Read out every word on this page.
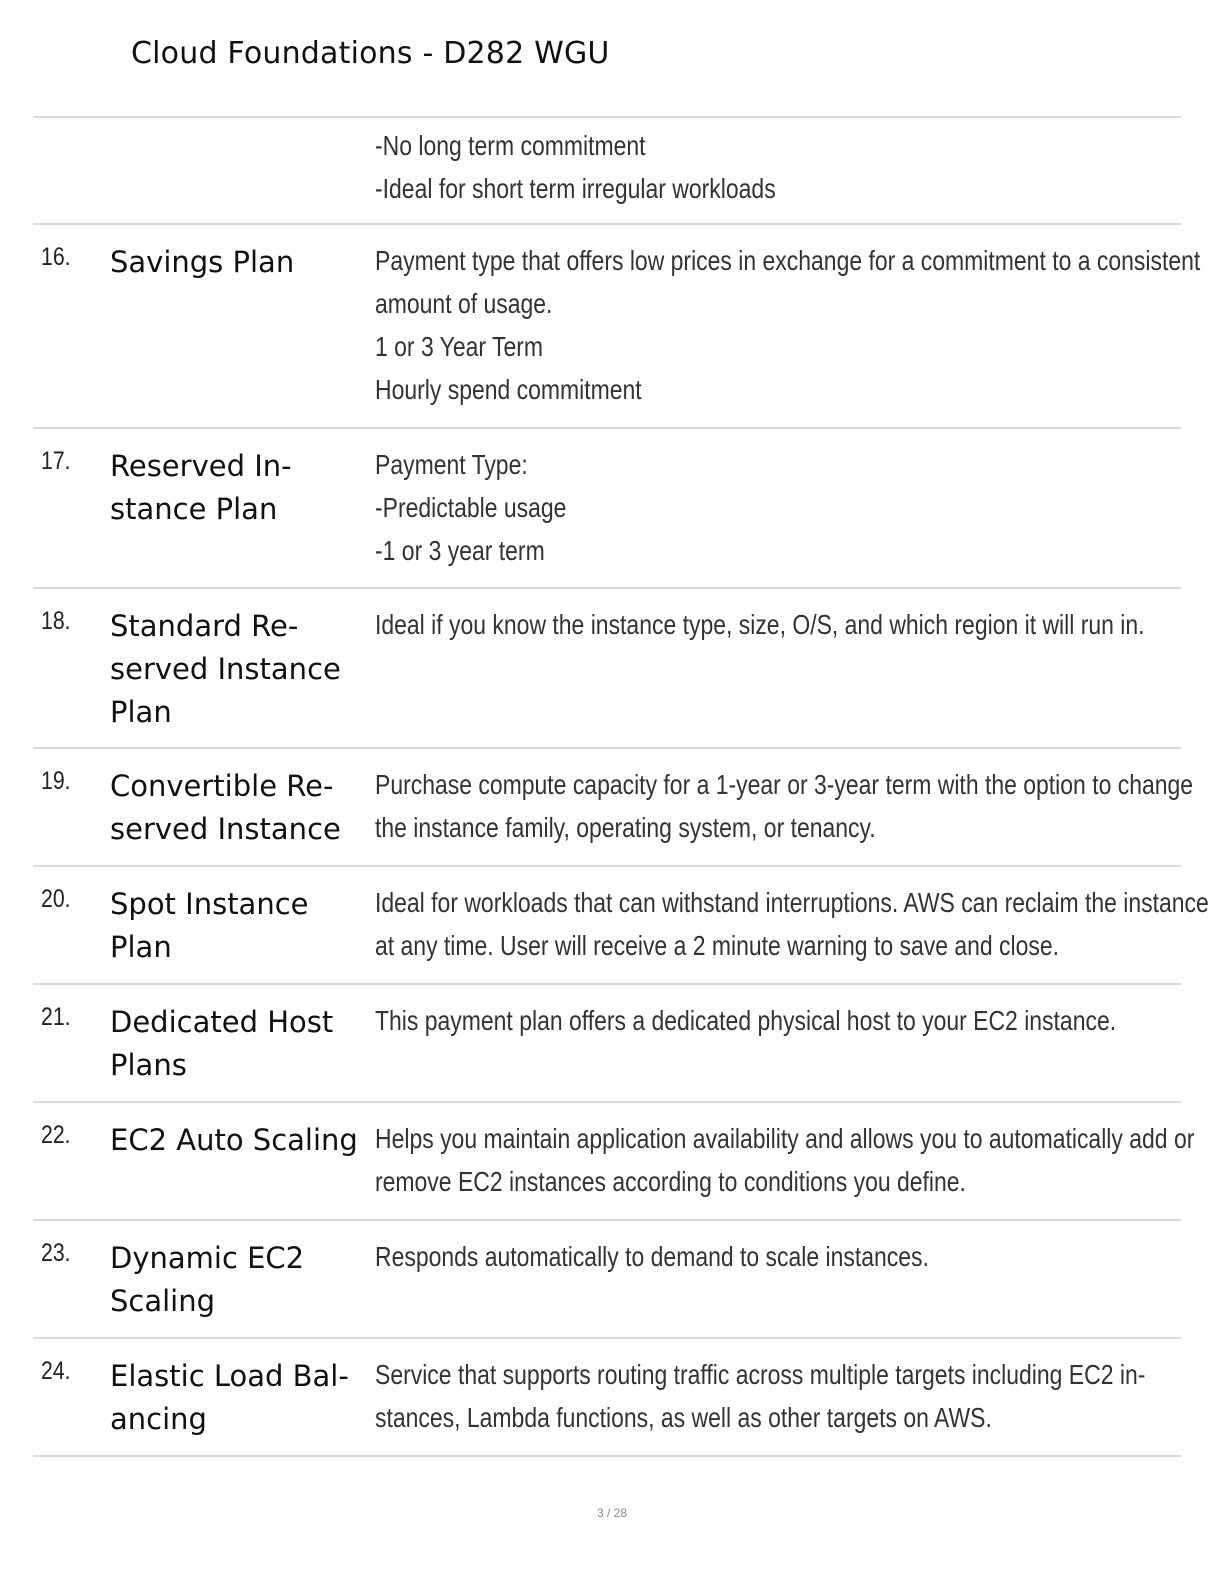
Cloud Foundations - D282 WGU
-No long term commitment
-Ideal for short term irregular workloads
16. Savings Plan	Payment type that offers low prices in exchange for a commitment to a consistent
amount of usage.
1 or 3 Year Term
Hourly spend commitment
17. Reserved In-
stance Plan
Payment Type:
-Predictable usage
-1 or 3 year term
18. Standard Re-
served Instance
Plan
Ideal if you know the instance type, size, O/S, and which region it will run in.
19. Convertible Re-
served Instance
Purchase compute capacity for a 1-year or 3-year term with the option to change
the instance family, operating system, or tenancy.
20. Spot Instance
Plan
Ideal for workloads that can withstand interruptions. AWS can reclaim the instance
at any time. User will receive a 2 minute warning to save and close.
21. Dedicated Host
Plans
This payment plan offers a dedicated physical host to your EC2 instance.
22. EC2 Auto Scaling Helps you maintain application availability and allows you to automatically add or
remove EC2 instances according to conditions you define.
23. Dynamic EC2
Scaling
Responds automatically to demand to scale instances.
24. Elastic Load Bal-
ancing
Service that supports routing traffic across multiple targets including EC2 in-
stances, Lambda functions, as well as other targets on AWS.
3 / 28
